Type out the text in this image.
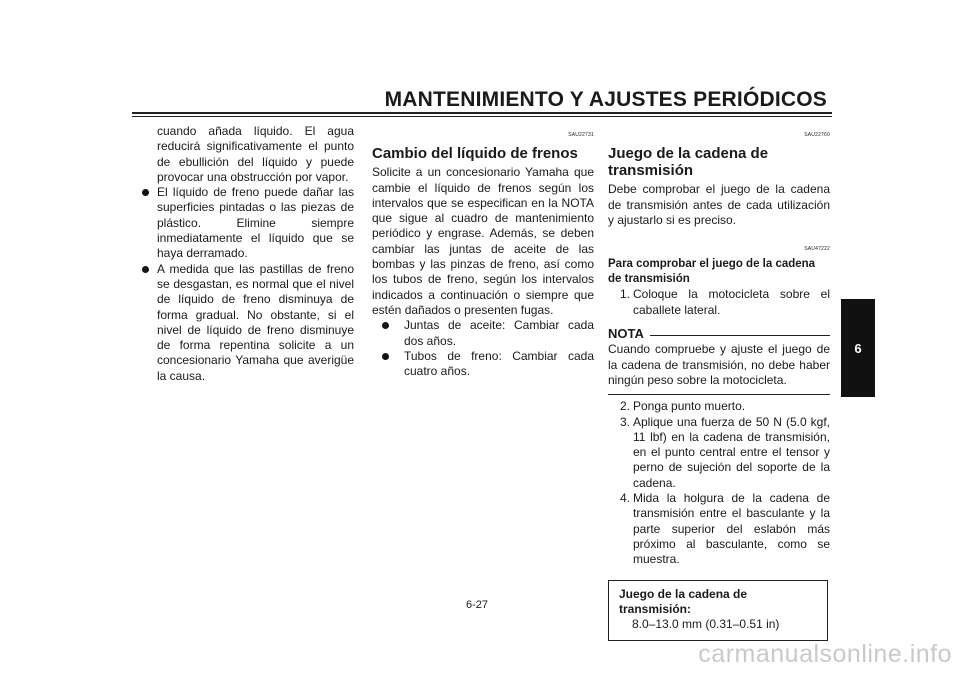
MANTENIMIENTO Y AJUSTES PERIÓDICOS
6

cuando añada líquido. El agua reducirá significativamente el punto de ebullición del líquido y puede provocar una obstrucción por vapor.

El líquido de freno puede dañar las superficies pintadas o las piezas de plástico. Elimine siempre inmediatamente el líquido que se haya derramado.

A medida que las pastillas de freno se desgastan, es normal que el nivel de líquido de freno disminuya de forma gradual. No obstante, si el nivel de líquido de freno disminuye de forma repentina solicite a un concesionario Yamaha que averigüe la causa.

SAU22731
Cambio del líquido de frenos

Solicite a un concesionario Yamaha que cambie el líquido de frenos según los intervalos que se especifican en la NOTA que sigue al cuadro de mantenimiento periódico y engrase. Además, se deben cambiar las juntas de aceite de las bombas y las pinzas de freno, así como los tubos de freno, según los intervalos indicados a continuación o siempre que estén dañados o presenten fugas.

Juntas de aceite: Cambiar cada dos años.

Tubos de freno: Cambiar cada cuatro años.

SAU22760
Juego de la cadena de transmisión

Debe comprobar el juego de la cadena de transmisión antes de cada utilización y ajustarlo si es preciso.

SAU47222
Para comprobar el juego de la cadena de transmisión
1. Coloque la motocicleta sobre el caballete lateral.

NOTA

Cuando compruebe y ajuste el juego de la cadena de transmisión, no debe haber ningún peso sobre la motocicleta.

2. Ponga punto muerto.

3. Aplique una fuerza de 50 N (5.0 kgf, 11 lbf) en la cadena de transmisión, en el punto central entre el tensor y perno de sujeción del soporte de la cadena.

4. Mida la holgura de la cadena de transmisión entre el basculante y la parte superior del eslabón más próximo al basculante, como se muestra.

Juego de la cadena de transmisión:
8.0–13.0 mm (0.31–0.51 in)
6-27
carmanualsonline.info
